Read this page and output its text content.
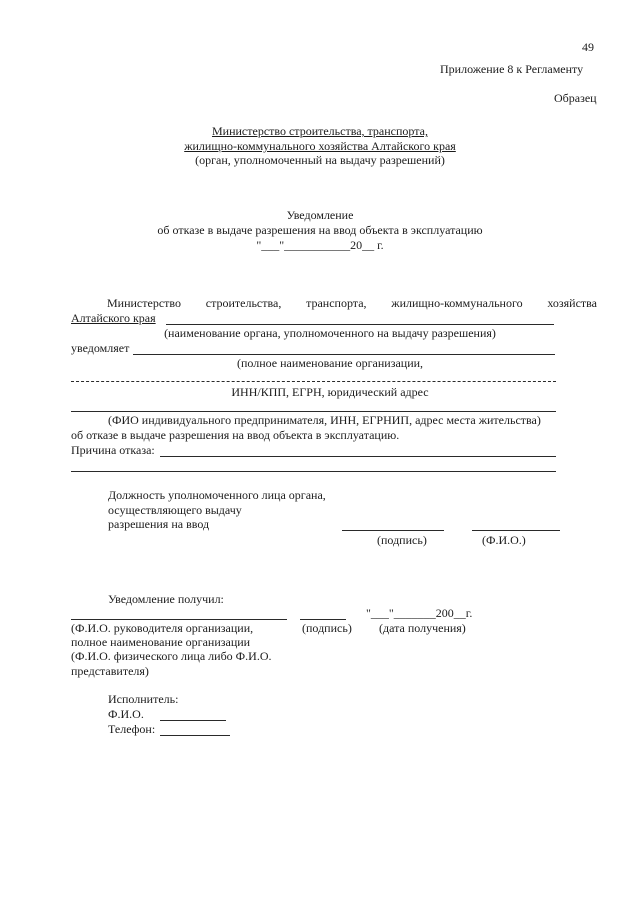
49
Приложение 8 к Регламенту
Образец
Министерство строительства, транспорта,
жилищно-коммунального хозяйства Алтайского края
(орган, уполномоченный на выдачу разрешений)
Уведомление
об отказе в выдаче разрешения на ввод объекта в эксплуатацию
"___"___________20__ г.
Министерство строительства, транспорта, жилищно-коммунального хозяйства
Алтайского края
(наименование органа, уполномоченного на выдачу разрешения)
уведомляет
(полное наименование организации,
ИНН/КПП, ЕГРН, юридический адрес
(ФИО индивидуального предпринимателя, ИНН, ЕГРНИП, адрес места жительства)
об отказе в выдаче разрешения на ввод объекта в эксплуатацию.
Причина отказа:
Должность уполномоченного лица органа,
осуществляющего выдачу
разрешения на ввод
(подпись)	(Ф.И.О.)
Уведомление получил:
"___"_______200__г.
(Ф.И.О. руководителя организации,	(подпись) (дата получения)
полное наименование организации
(Ф.И.О. физического лица либо Ф.И.О.
представителя)
Исполнитель:
Ф.И.О.
Телефон:
